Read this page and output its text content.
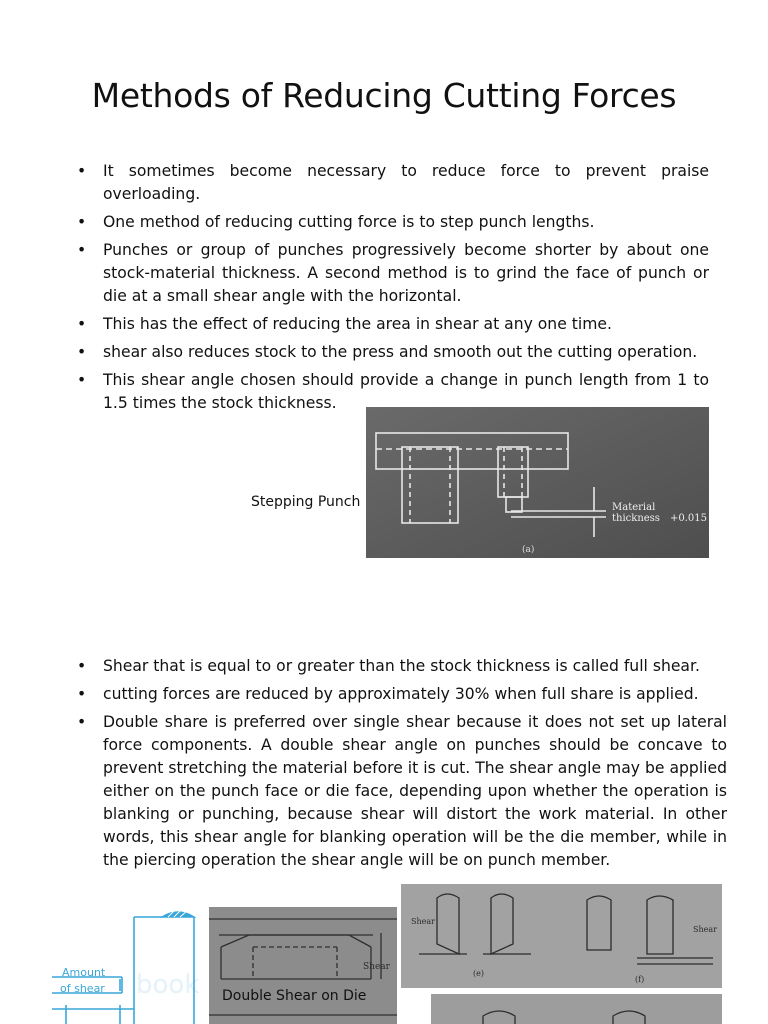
Methods of Reducing Cutting Forces
• It sometimes become necessary to reduce force to prevent praise overloading.
• One method of reducing cutting force is to step punch lengths.
• Punches or group of punches progressively become shorter by about one stock-material thickness. A second method is to grind the face of punch or die at a small shear angle with the horizontal.
• This has the effect of reducing the area in shear at any one time.
• shear also reduces stock to the press and smooth out the cutting operation.
• This shear angle chosen should provide a change in punch length from 1 to 1.5 times the stock thickness.
Stepping Punch	Material
thickness +0.015
(a)
• Shear that is equal to or greater than the stock thickness is called full shear.
• cutting forces are reduced by approximately 30% when full share is applied.
• Double share is preferred over single shear because it does not set up lateral force components. A double shear angle on punches should be concave to prevent stretching the material before it is cut. The shear angle may be applied either on the punch face or die face, depending upon whether the operation is blanking or punching, because shear will distort the work material. In other words, this shear angle for blanking operation will be the die member, while in the piercing operation the shear angle will be on punch member.
book
Amount
of shear
Shear
Double Shear on Die
Shear
Shear
(e)
(f)
